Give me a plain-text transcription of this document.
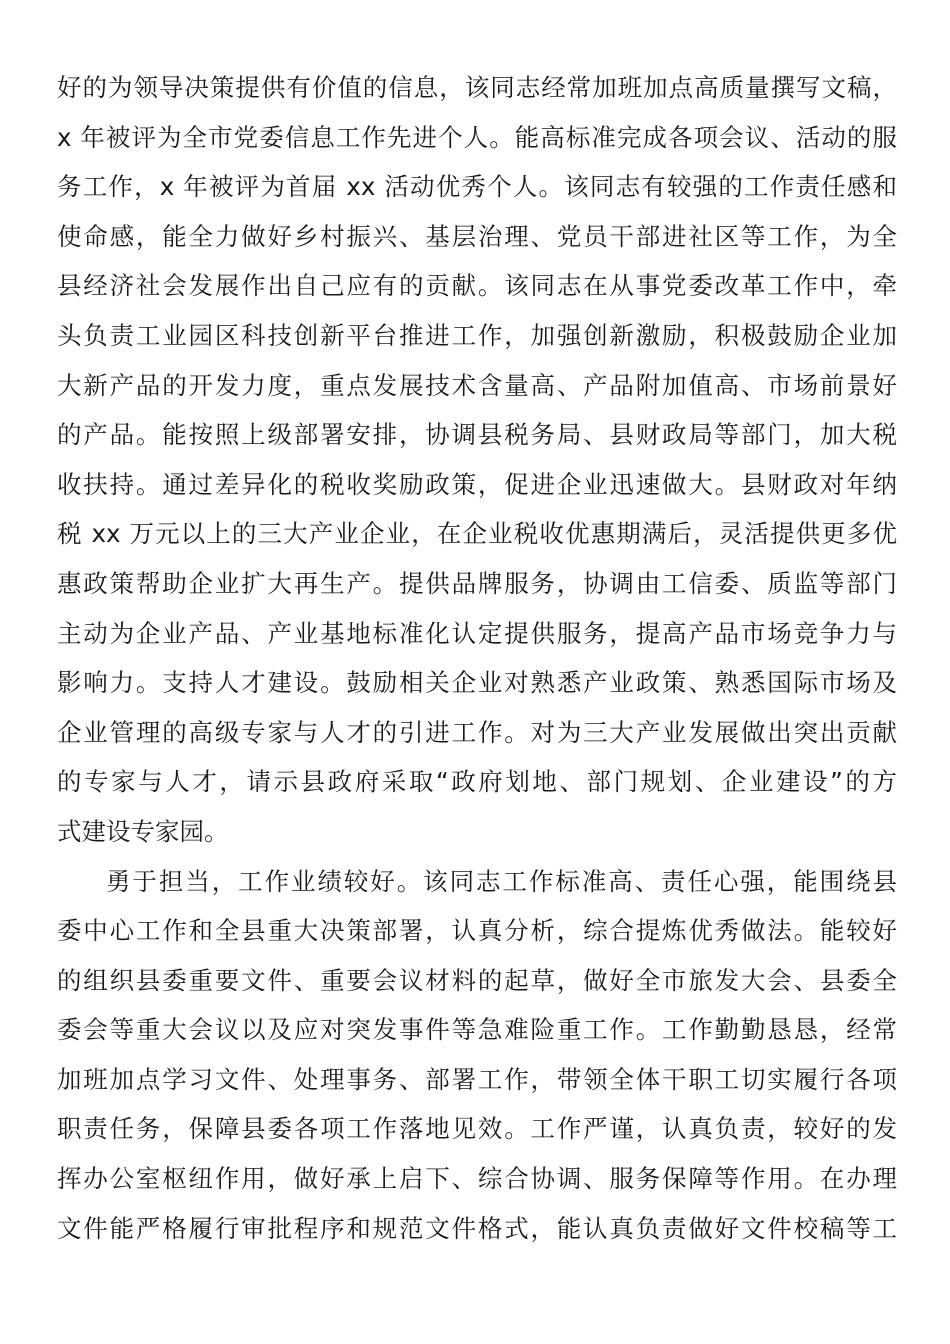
好的为领导决策提供有价值的信息，该同志经常加班加点高质量撰写文稿，
x 年被评为全市党委信息工作先进个人。能高标准完成各项会议、活动的服
务工作，x 年被评为首届 xx 活动优秀个人。该同志有较强的工作责任感和
使命感，能全力做好乡村振兴、基层治理、党员干部进社区等工作，为全
县经济社会发展作出自己应有的贡献。该同志在从事党委改革工作中，牵
头负责工业园区科技创新平台推进工作，加强创新激励，积极鼓励企业加
大新产品的开发力度，重点发展技术含量高、产品附加值高、市场前景好
的产品。能按照上级部署安排，协调县税务局、县财政局等部门，加大税
收扶持。通过差异化的税收奖励政策，促进企业迅速做大。县财政对年纳
税 xx 万元以上的三大产业企业，在企业税收优惠期满后，灵活提供更多优
惠政策帮助企业扩大再生产。提供品牌服务，协调由工信委、质监等部门
主动为企业产品、产业基地标准化认定提供服务，提高产品市场竞争力与
影响力。支持人才建设。鼓励相关企业对熟悉产业政策、熟悉国际市场及
企业管理的高级专家与人才的引进工作。对为三大产业发展做出突出贡献
的专家与人才，请示县政府采取“政府划地、部门规划、企业建设”的方
式建设专家园。
勇于担当，工作业绩较好。该同志工作标准高、责任心强，能围绕县
委中心工作和全县重大决策部署，认真分析，综合提炼优秀做法。能较好
的组织县委重要文件、重要会议材料的起草，做好全市旅发大会、县委全
委会等重大会议以及应对突发事件等急难险重工作。工作勤勤恳恳，经常
加班加点学习文件、处理事务、部署工作，带领全体干职工切实履行各项
职责任务，保障县委各项工作落地见效。工作严谨，认真负责，较好的发
挥办公室枢纽作用，做好承上启下、综合协调、服务保障等作用。在办理
文件能严格履行审批程序和规范文件格式，能认真负责做好文件校稿等工
